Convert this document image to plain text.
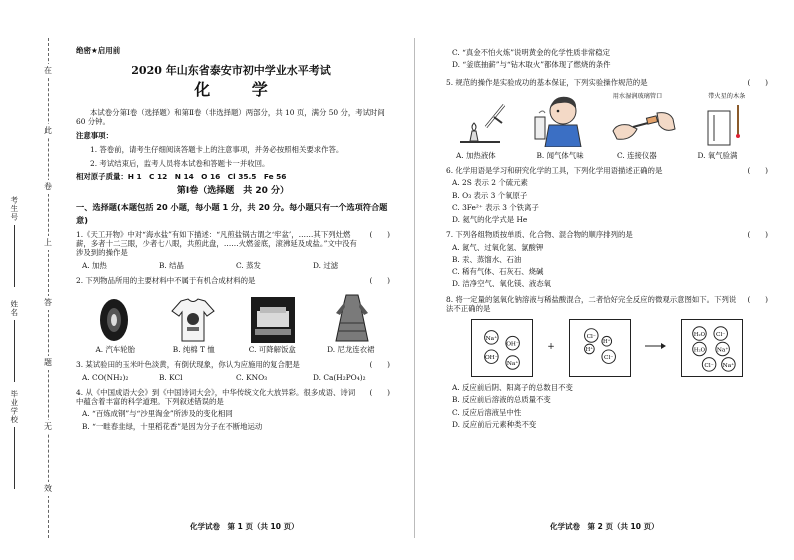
在
此
卷
上
答
题
无
效
考生号
姓名
毕业学校
绝密★启用前
2020 年山东省泰安市初中学业水平考试
化 学
本试卷分第Ⅰ卷（选择题）和第Ⅱ卷（非选择题）两部分，共 10 页，满分 50 分，考试时间 60 分钟。
注意事项：
1. 答卷前，请考生仔细阅读答题卡上的注意事项，并务必按照相关要求作答。
2. 考试结束后，监考人员将本试卷和答题卡一并收回。
相对原子质量：H 1　C 12　N 14　O 16　Cl 35.5　Fe 56
第Ⅰ卷（选择题　共 20 分）
一、选择题(本题包括 20 小题，每小题 1 分，共 20 分。每小题只有一个选项符合题意)
1.《天工开物》中对“海水盐”有如下描述：“凡煎盐锅古谓之‘牢盆’，……其下列灶燃薪，多者十二三眼，少者七八眼，共煎此盘，……火燃釜底，滚沸延及成盐。”文中没有涉及到的操作是
(　　)
A. 加热	B. 结晶	C. 蒸发	D. 过滤
2. 下列物品所用的主要材料中不属于有机合成材料的是	(　　)
A. 汽车轮胎	B. 纯棉 T 恤	C. 可降解饭盒	D. 尼龙连衣裙
3. 某试验田的玉米叶色淡黄，有倒伏现象，你认为应施用的复合肥是	(　　)
A. CO(NH₂)₂	B. KCl	C. KNO₃	D. Ca(H₂PO₄)₂
4. 从《中国成语大会》到《中国诗词大会》，中华传统文化大放异彩。很多成语、诗词中蕴含着丰富的科学道理。下列叙述错误的是
(　　)
A. “百炼成钢”与“沙里淘金”所涉及的变化相同
B. “一畦春韭绿，十里稻花香”是因为分子在不断地运动
化学试卷　第 1 页（共 10 页）
C. “真金不怕火炼”说明黄金的化学性质非常稳定
D. “釜底抽薪”与“钻木取火”都体现了燃烧的条件
5. 规范的操作是实验成功的基本保证，下列实验操作规范的是	(　　)
用水湿润玻璃管口	带火星的木条
A. 加热液体	B. 闻气体气味	C. 连接仪器	D. 氧气验满
6. 化学用语是学习和研究化学的工具，下列化学用语描述正确的是	(　　)
A. 2S 表示 2 个硫元素
B. O₃ 表示 3 个氧原子
C. 3Fe²⁺ 表示 3 个铁离子
D. 氦气的化学式是 He
7. 下列各组物质按单质、化合物、混合物的顺序排列的是	(　　)
A. 氮气、过氧化氢、氯酸钾
B. 汞、蒸馏水、石油
C. 稀有气体、石灰石、烧碱
D. 洁净空气、氧化镁、液态氧
8. 将一定量的氢氧化钠溶液与稀盐酸混合，二者恰好完全反应的微观示意图如下。下列说法不正确的是
(　　)
Na⁺
OH⁻
OH⁻
Na⁺
+
Cl⁻
H⁺
Cl⁻
H⁺
H₂O Cl⁻
H₂O Na⁺
Cl⁻ Na⁺
A. 反应前后阴、阳离子的总数目不变
B. 反应前后溶液的总质量不变
C. 反应后溶液呈中性
D. 反应前后元素种类不变
化学试卷　第 2 页（共 10 页）
